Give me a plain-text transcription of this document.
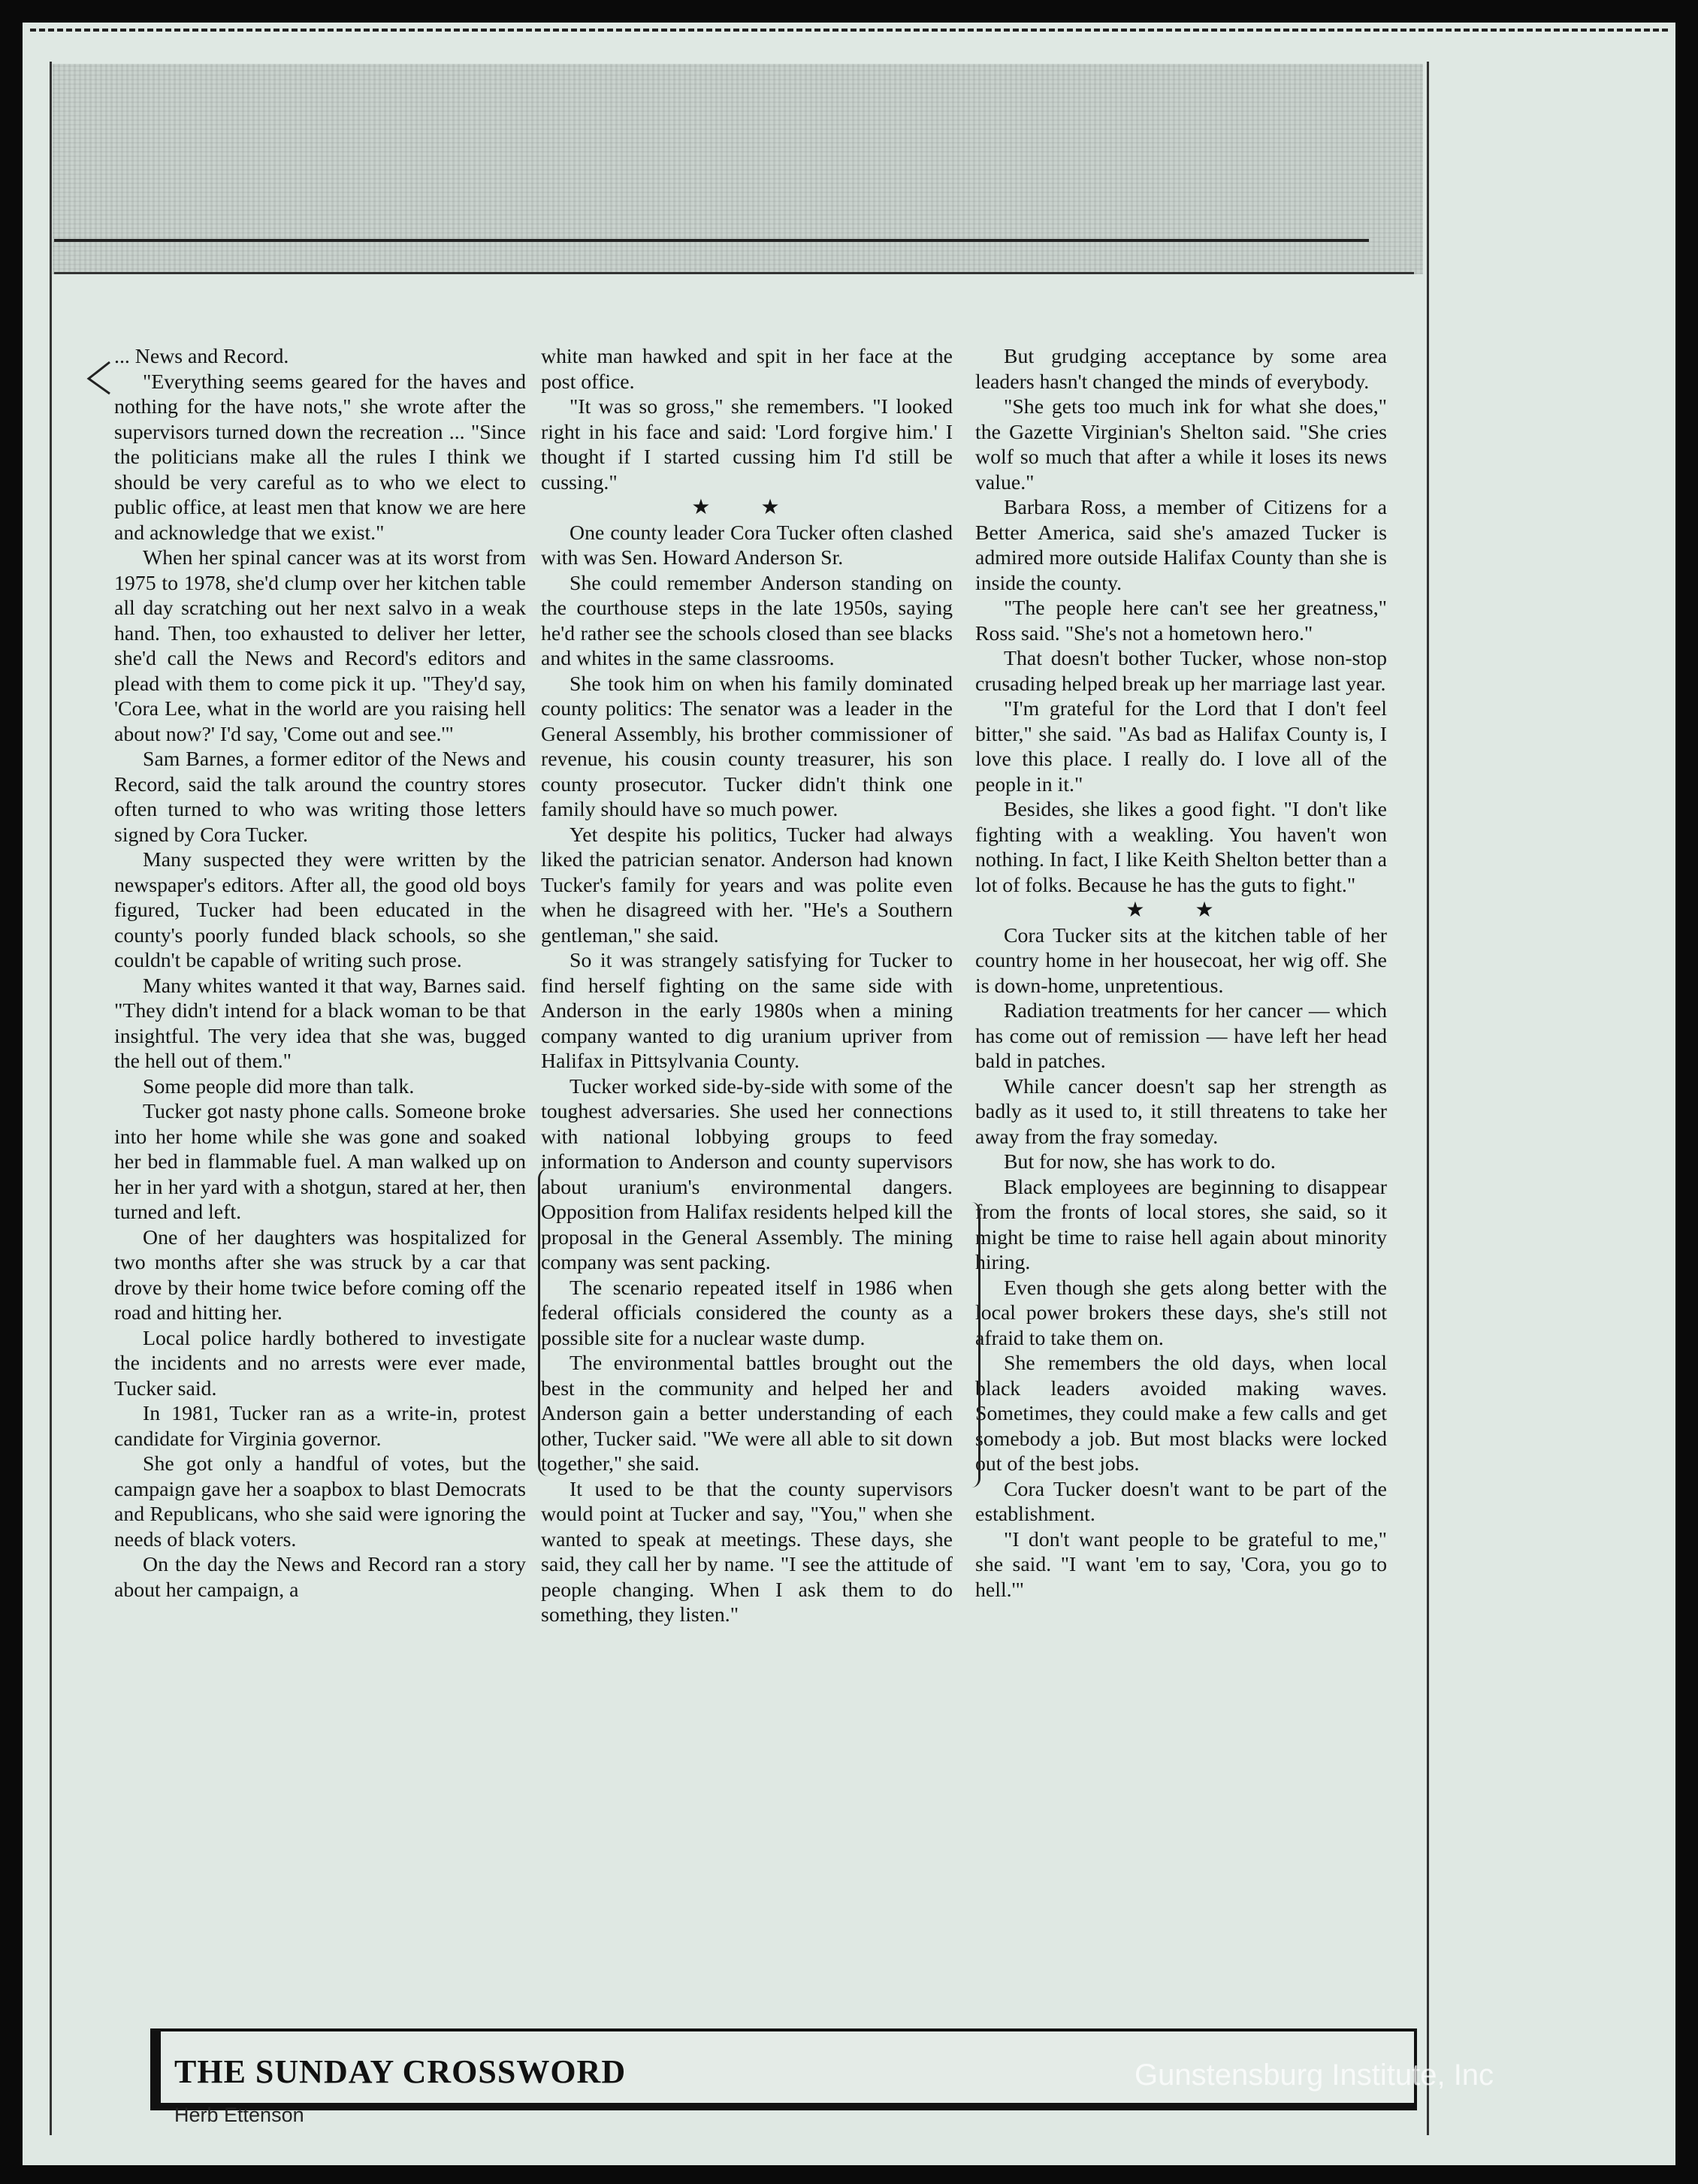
... News and Record.

"Everything seems geared for the haves and nothing for the have nots," she wrote after the supervisors turned down the recreation ... "Since the politicians make all the rules I think we should be very careful as to who we elect to public office, at least men that know we are here and acknowledge that we exist."

When her spinal cancer was at its worst from 1975 to 1978, she'd clump over her kitchen table all day scratching out her next salvo in a weak hand. Then, too exhausted to deliver her letter, she'd call the News and Record's editors and plead with them to come pick it up. "They'd say, 'Cora Lee, what in the world are you raising hell about now?' I'd say, 'Come out and see.'"

Sam Barnes, a former editor of the News and Record, said the talk around the country stores often turned to who was writing those letters signed by Cora Tucker.

Many suspected they were written by the newspaper's editors. After all, the good old boys figured, Tucker had been educated in the county's poorly funded black schools, so she couldn't be capable of writing such prose.

Many whites wanted it that way, Barnes said. "They didn't intend for a black woman to be that insightful. The very idea that she was, bugged the hell out of them."

Some people did more than talk.

Tucker got nasty phone calls. Someone broke into her home while she was gone and soaked her bed in flammable fuel. A man walked up on her in her yard with a shotgun, stared at her, then turned and left.

One of her daughters was hospitalized for two months after she was struck by a car that drove by their home twice before coming off the road and hitting her.

Local police hardly bothered to investigate the incidents and no arrests were ever made, Tucker said.

In 1981, Tucker ran as a write-in, protest candidate for Virginia governor.

She got only a handful of votes, but the campaign gave her a soapbox to blast Democrats and Republicans, who she said were ignoring the needs of black voters.

On the day the News and Record ran a story about her campaign, a

white man hawked and spit in her face at the post office.

"It was so gross," she remembers. "I looked right in his face and said: 'Lord forgive him.' I thought if I started cussing him I'd still be cussing."

★ ★

One county leader Cora Tucker often clashed with was Sen. Howard Anderson Sr.

She could remember Anderson standing on the courthouse steps in the late 1950s, saying he'd rather see the schools closed than see blacks and whites in the same classrooms.

She took him on when his family dominated county politics: The senator was a leader in the General Assembly, his brother commissioner of revenue, his cousin county treasurer, his son county prosecutor. Tucker didn't think one family should have so much power.

Yet despite his politics, Tucker had always liked the patrician senator. Anderson had known Tucker's family for years and was polite even when he disagreed with her. "He's a Southern gentleman," she said.

So it was strangely satisfying for Tucker to find herself fighting on the same side with Anderson in the early 1980s when a mining company wanted to dig uranium upriver from Halifax in Pittsylvania County.

Tucker worked side-by-side with some of the toughest adversaries. She used her connections with national lobbying groups to feed information to Anderson and county supervisors about uranium's environmental dangers. Opposition from Halifax residents helped kill the proposal in the General Assembly. The mining company was sent packing.

The scenario repeated itself in 1986 when federal officials considered the county as a possible site for a nuclear waste dump.

The environmental battles brought out the best in the community and helped her and Anderson gain a better understanding of each other, Tucker said. "We were all able to sit down together," she said.

It used to be that the county supervisors would point at Tucker and say, "You," when she wanted to speak at meetings. These days, she said, they call her by name. "I see the attitude of people changing. When I ask them to do something, they listen."

But grudging acceptance by some area leaders hasn't changed the minds of everybody.

"She gets too much ink for what she does," the Gazette Virginian's Shelton said. "She cries wolf so much that after a while it loses its news value."

Barbara Ross, a member of Citizens for a Better America, said she's amazed Tucker is admired more outside Halifax County than she is inside the county.

"The people here can't see her greatness," Ross said. "She's not a hometown hero."

That doesn't bother Tucker, whose non-stop crusading helped break up her marriage last year.

"I'm grateful for the Lord that I don't feel bitter," she said. "As bad as Halifax County is, I love this place. I really do. I love all of the people in it."

Besides, she likes a good fight. "I don't like fighting with a weakling. You haven't won nothing. In fact, I like Keith Shelton better than a lot of folks. Because he has the guts to fight."

★ ★

Cora Tucker sits at the kitchen table of her country home in her housecoat, her wig off. She is down-home, unpretentious.

Radiation treatments for her cancer — which has come out of remission — have left her head bald in patches.

While cancer doesn't sap her strength as badly as it used to, it still threatens to take her away from the fray someday.

But for now, she has work to do.

Black employees are beginning to disappear from the fronts of local stores, she said, so it might be time to raise hell again about minority hiring.

Even though she gets along better with the local power brokers these days, she's still not afraid to take them on.

She remembers the old days, when local black leaders avoided making waves. Sometimes, they could make a few calls and get somebody a job. But most blacks were locked out of the best jobs.

Cora Tucker doesn't want to be part of the establishment.

"I don't want people to be grateful to me," she said. "I want 'em to say, 'Cora, you go to hell.'"

THE SUNDAY CROSSWORD
Herb Ettenson
Gunstensburg Institute, Inc
